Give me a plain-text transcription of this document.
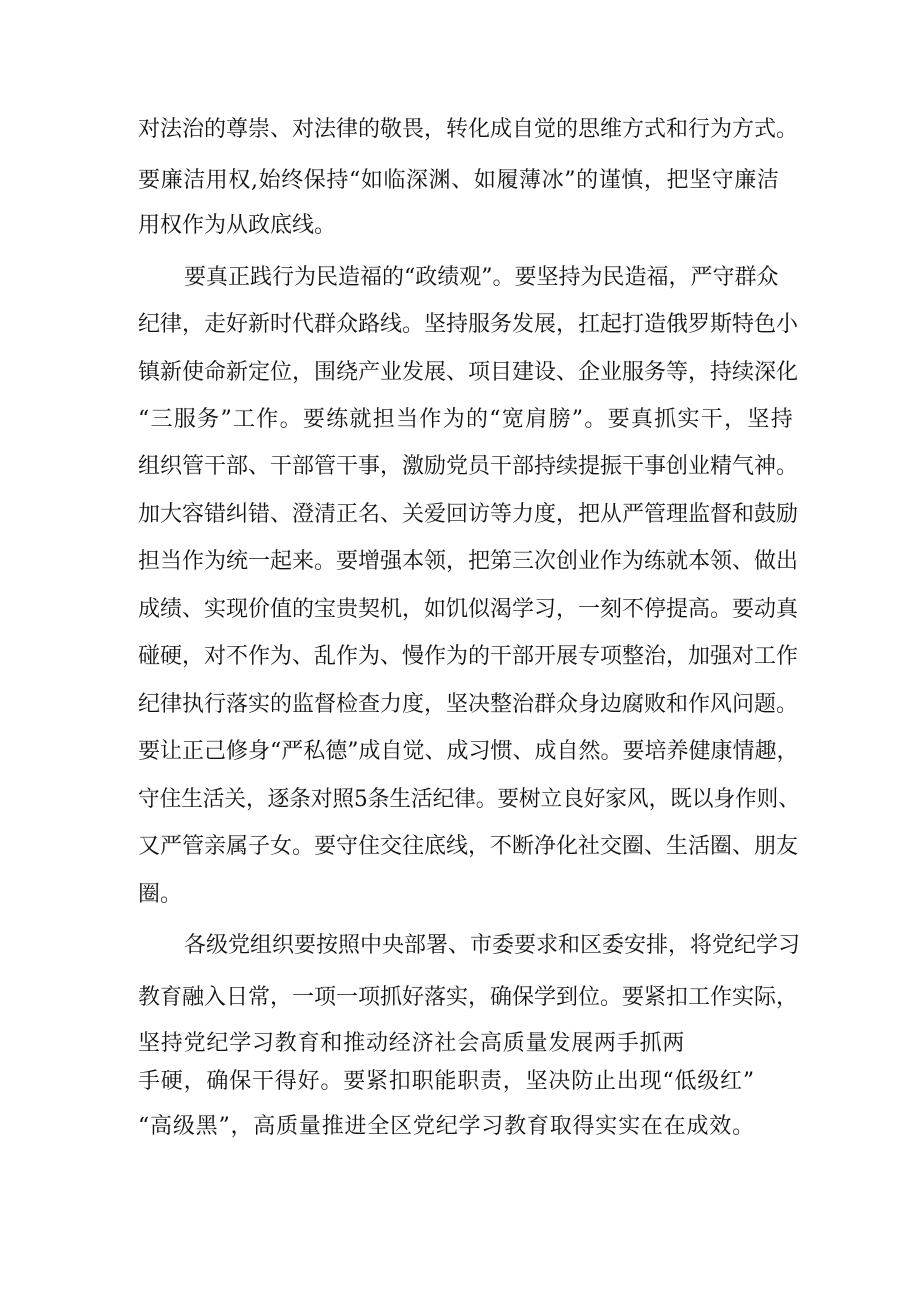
对法治的尊崇、对法律的敬畏，转化成自觉的思维方式和行为方式。
要廉洁用权,始终保持“如临深渊、如履薄冰”的谨慎，把坚守廉洁
用权作为从政底线。
要真正践行为民造福的“政绩观”。要坚持为民造福，严守群众
纪律，走好新时代群众路线。坚持服务发展，扛起打造俄罗斯特色小
镇新使命新定位，围绕产业发展、项目建设、企业服务等，持续深化
“三服务”工作。要练就担当作为的“宽肩膀”。要真抓实干，坚持
组织管干部、干部管干事，激励党员干部持续提振干事创业精气神。
加大容错纠错、澄清正名、关爱回访等力度，把从严管理监督和鼓励
担当作为统一起来。要增强本领，把第三次创业作为练就本领、做出
成绩、实现价值的宝贵契机，如饥似渴学习，一刻不停提高。要动真
碰硬，对不作为、乱作为、慢作为的干部开展专项整治，加强对工作
纪律执行落实的监督检查力度，坚决整治群众身边腐败和作风问题。
要让正己修身“严私德”成自觉、成习惯、成自然。要培养健康情趣，
守住生活关，逐条对照5条生活纪律。要树立良好家风，既以身作则、
又严管亲属子女。要守住交往底线，不断净化社交圈、生活圈、朋友
圈。
各级党组织要按照中央部署、市委要求和区委安排，将党纪学习
教育融入日常，一项一项抓好落实，确保学到位。要紧扣工作实际，
坚持党纪学习教育和推动经济社会高质量发展两手抓两
手硬，确保干得好。要紧扣职能职责，坚决防止出现“低级红”
“高级黑”，高质量推进全区党纪学习教育取得实实在在成效。
